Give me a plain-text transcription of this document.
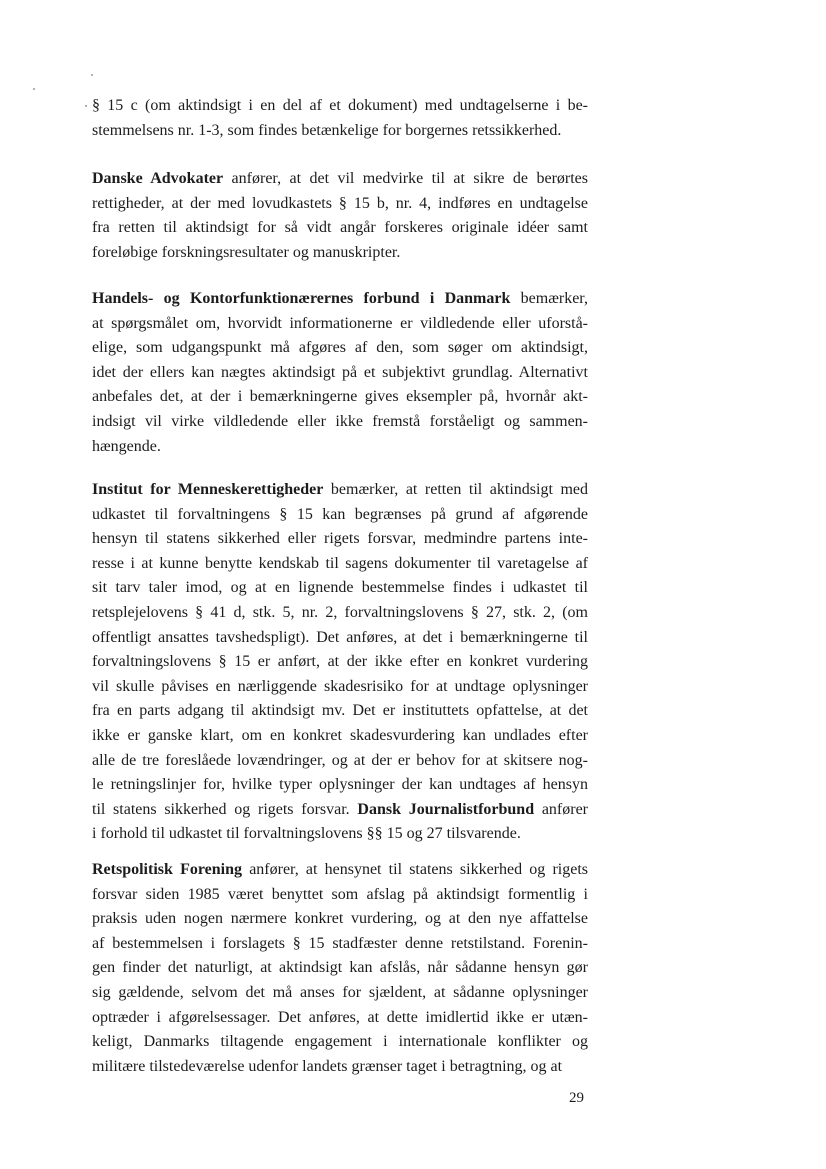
§ 15 c (om aktindsigt i en del af et dokument) med undtagelserne i be-
stemmelsens nr. 1-3, som findes betænkelige for borgernes retssikkerhed.
Danske Advokater anfører, at det vil medvirke til at sikre de berørtes
rettigheder, at der med lovudkastets § 15 b, nr. 4, indføres en undtagelse
fra retten til aktindsigt for så vidt angår forskeres originale idéer samt
foreløbige forskningsresultater og manuskripter.
Handels- og Kontorfunktionærernes forbund i Danmark bemærker,
at spørgsmålet om, hvorvidt informationerne er vildledende eller uforstå-
elige, som udgangspunkt må afgøres af den, som søger om aktindsigt,
idet der ellers kan nægtes aktindsigt på et subjektivt grundlag. Alternativt
anbefales det, at der i bemærkningerne gives eksempler på, hvornår akt-
indsigt vil virke vildledende eller ikke fremstå forståeligt og sammen-
hængende.
Institut for Menneskerettigheder bemærker, at retten til aktindsigt med
udkastet til forvaltningens § 15 kan begrænses på grund af afgørende
hensyn til statens sikkerhed eller rigets forsvar, medmindre partens inte-
resse i at kunne benytte kendskab til sagens dokumenter til varetagelse af
sit tarv taler imod, og at en lignende bestemmelse findes i udkastet til
retsplejelovens § 41 d, stk. 5, nr. 2, forvaltningslovens § 27, stk. 2, (om
offentligt ansattes tavshedspligt). Det anføres, at det i bemærkningerne til
forvaltningslovens § 15 er anført, at der ikke efter en konkret vurdering
vil skulle påvises en nærliggende skadesrisiko for at undtage oplysninger
fra en parts adgang til aktindsigt mv. Det er instituttets opfattelse, at det
ikke er ganske klart, om en konkret skadesvurdering kan undlades efter
alle de tre foreslåede lovændringer, og at der er behov for at skitsere nog-
le retningslinjer for, hvilke typer oplysninger der kan undtages af hensyn
til statens sikkerhed og rigets forsvar. Dansk Journalistforbund anfører
i forhold til udkastet til forvaltningslovens §§ 15 og 27 tilsvarende.
Retspolitisk Forening anfører, at hensynet til statens sikkerhed og rigets
forsvar siden 1985 været benyttet som afslag på aktindsigt formentlig i
praksis uden nogen nærmere konkret vurdering, og at den nye affattelse
af bestemmelsen i forslagets § 15 stadfæster denne retstilstand. Forenin-
gen finder det naturligt, at aktindsigt kan afslås, når sådanne hensyn gør
sig gældende, selvom det må anses for sjældent, at sådanne oplysninger
optræder i afgørelsessager. Det anføres, at dette imidlertid ikke er utæn-
keligt, Danmarks tiltagende engagement i internationale konflikter og
militære tilstedeværelse udenfor landets grænser taget i betragtning, og at
29
